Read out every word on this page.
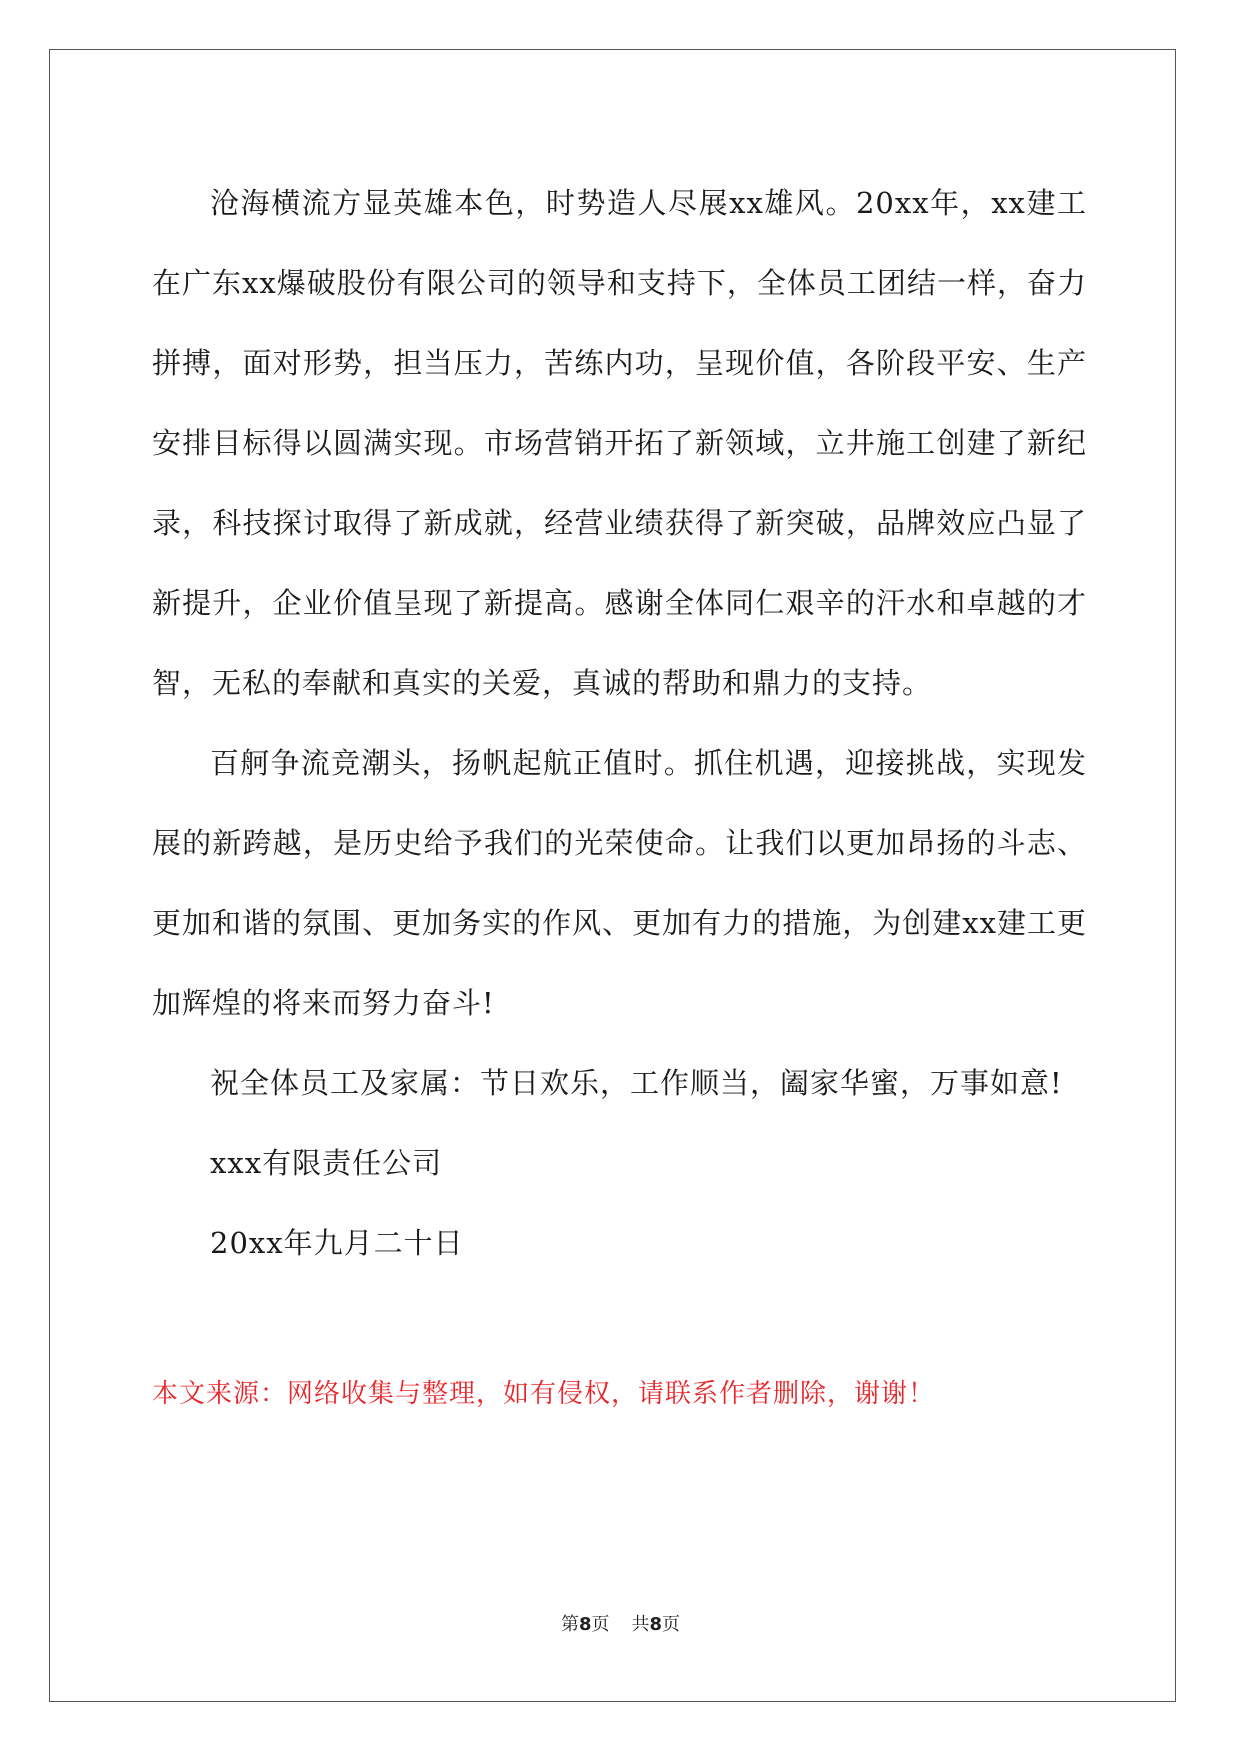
沧海横流方显英雄本色，时势造人尽展xx雄风。20xx年，xx建工在广东xx爆破股份有限公司的领导和支持下，全体员工团结一样，奋力拼搏，面对形势，担当压力，苦练内功，呈现价值，各阶段平安、生产安排目标得以圆满实现。市场营销开拓了新领域，立井施工创建了新纪录，科技探讨取得了新成就，经营业绩获得了新突破，品牌效应凸显了新提升，企业价值呈现了新提高。感谢全体同仁艰辛的汗水和卓越的才智，无私的奉献和真实的关爱，真诚的帮助和鼎力的支持。

百舸争流竞潮头，扬帆起航正值时。抓住机遇，迎接挑战，实现发展的新跨越，是历史给予我们的光荣使命。让我们以更加昂扬的斗志、更加和谐的氛围、更加务实的作风、更加有力的措施，为创建xx建工更加辉煌的将来而努力奋斗!

祝全体员工及家属：节日欢乐，工作顺当，阖家华蜜，万事如意!

xxx有限责任公司

20xx年九月二十日

本文来源：网络收集与整理，如有侵权，请联系作者删除，谢谢！
第8页 共8页
